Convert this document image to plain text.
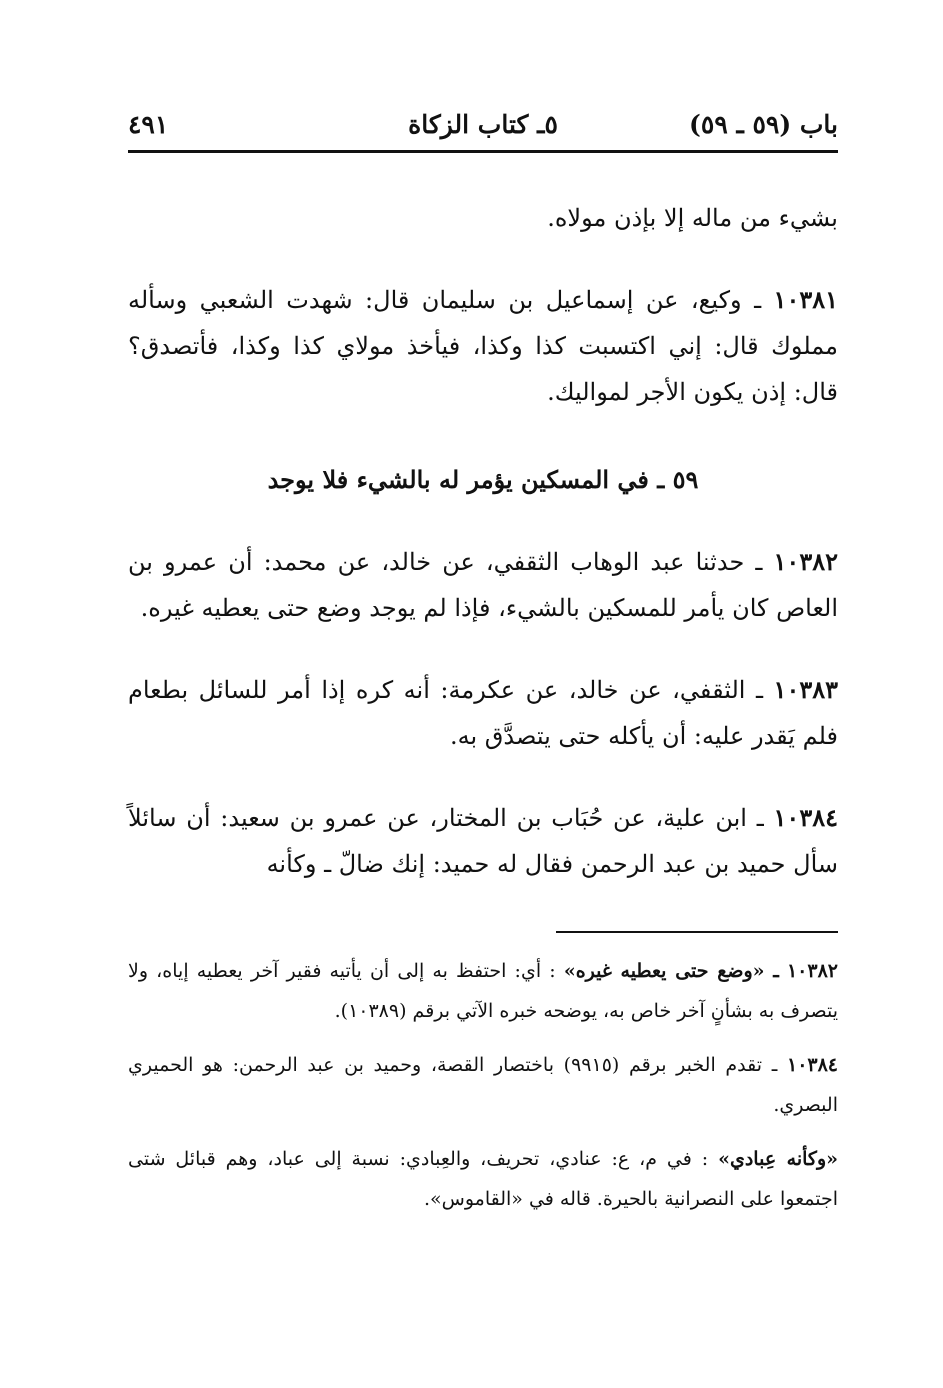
باب (٥٩ ـ ٥٩)
٥ـ كتاب الزكاة
٤٩١

بشيء من ماله إلا بإذن مولاه.

١٠٣٨١ ـ وكيع، عن إسماعيل بن سليمان قال: شهدت الشعبي وسأله مملوك قال: إني اكتسبت كذا وكذا، فيأخذ مولاي كذا وكذا، فأتصدق؟ قال: إذن يكون الأجر لمواليك.

٥٩ ـ في المسكين يؤمر له بالشيء فلا يوجد

١٠٣٨٢ ـ حدثنا عبد الوهاب الثقفي، عن خالد، عن محمد: أن عمرو بن العاص كان يأمر للمسكين بالشيء، فإذا لم يوجد وضع حتى يعطيه غيره.

١٠٣٨٣ ـ الثقفي، عن خالد، عن عكرمة: أنه كره إذا أمر للسائل بطعام فلم يَقدر عليه: أن يأكله حتى يتصدَّق به.

١٠٣٨٤ ـ ابن علية، عن حُبَاب بن المختار، عن عمرو بن سعيد: أن سائلاً سأل حميد بن عبد الرحمن فقال له حميد: إنك ضالّ ـ وكأنه

١٠٣٨٢ ـ «وضع حتى يعطيه غيره» : أي: احتفظ به إلى أن يأتيه فقير آخر يعطيه إياه، ولا يتصرف به بشأنٍ آخر خاص به، يوضحه خبره الآتي برقم (١٠٣٨٩).

١٠٣٨٤ ـ تقدم الخبر برقم (٩٩١٥) باختصار القصة، وحميد بن عبد الرحمن: هو الحميري البصري.

«وكأنه عِبادي» : في م، ع: عنادي، تحريف، والعِبادي: نسبة إلى عباد، وهم قبائل شتى اجتمعوا على النصرانية بالحيرة. قاله في «القاموس».
